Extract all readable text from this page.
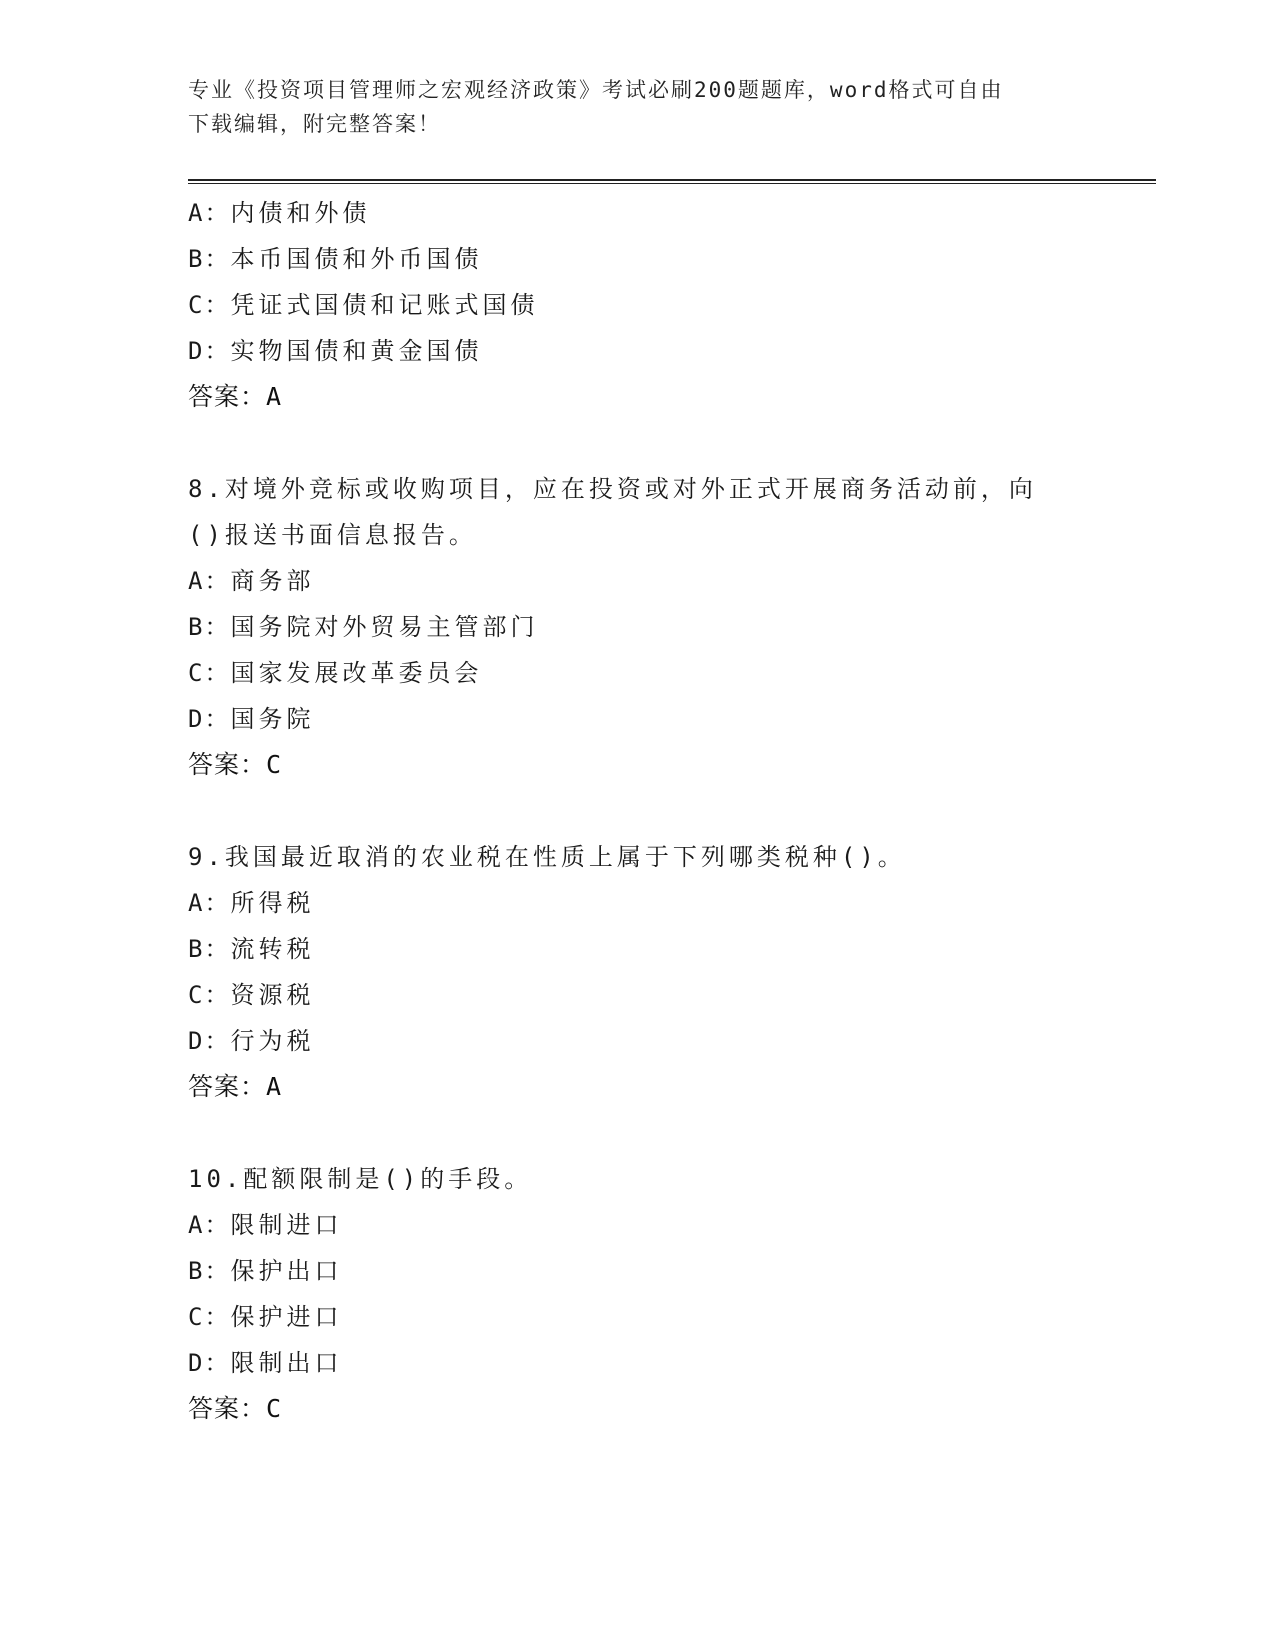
专业《投资项目管理师之宏观经济政策》考试必刷200题题库，word格式可自由
下载编辑，附完整答案！
A：内债和外债
B：本币国债和外币国债
C：凭证式国债和记账式国债
D：实物国债和黄金国债
答案：A
8.对境外竞标或收购项目，应在投资或对外正式开展商务活动前，向
()报送书面信息报告。
A：商务部
B：国务院对外贸易主管部门
C：国家发展改革委员会
D：国务院
答案：C
9.我国最近取消的农业税在性质上属于下列哪类税种()。
A：所得税
B：流转税
C：资源税
D：行为税
答案：A
10.配额限制是()的手段。
A：限制进口
B：保护出口
C：保护进口
D：限制出口
答案：C
